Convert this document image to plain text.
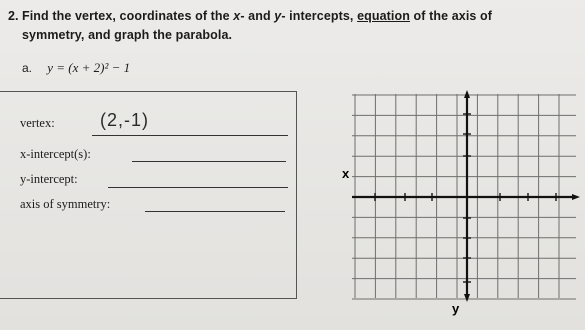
2. Find the vertex, coordinates of the x- and y- intercepts, equation of the axis of symmetry, and graph the parabola.
a. y = (x + 2)² − 1
vertex:	(2,-1)
x-intercept(s):
y-intercept:
axis of symmetry:
x
y
